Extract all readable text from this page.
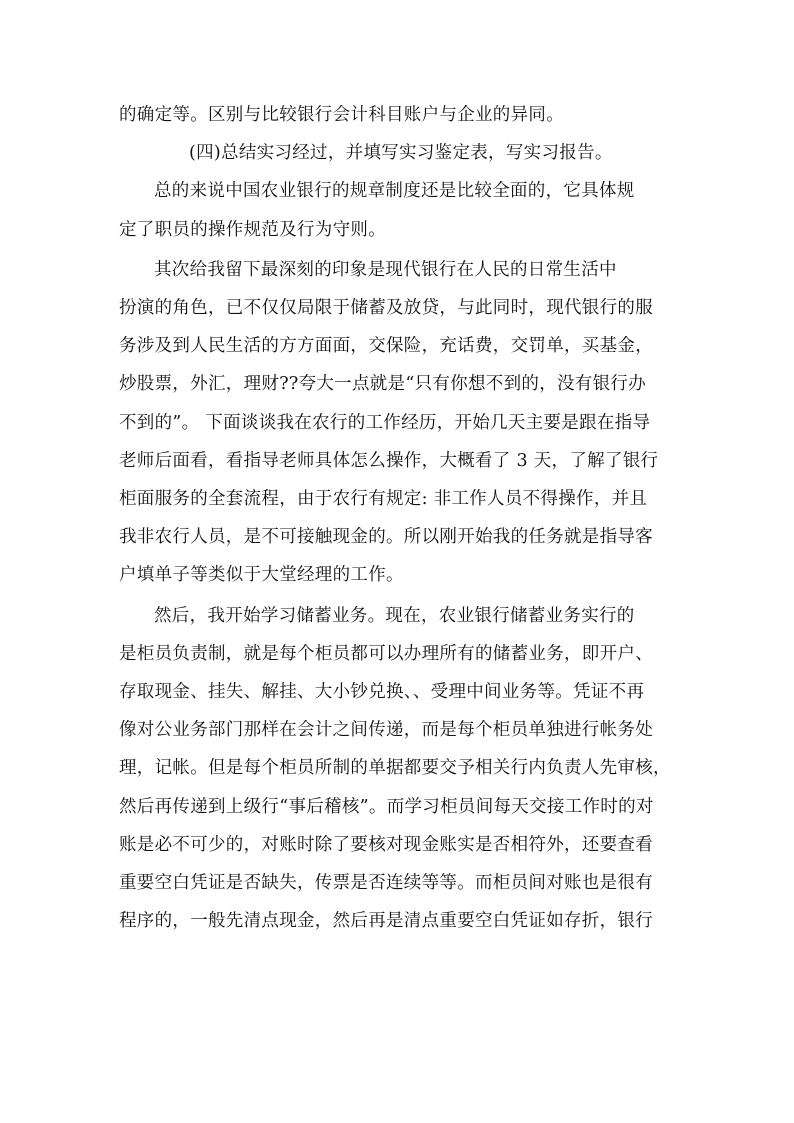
的确定等。区别与比较银行会计科目账户与企业的异同。

(四)总结实习经过，并填写实习鉴定表，写实习报告。

总的来说中国农业银行的规章制度还是比较全面的，它具体规
定了职员的操作规范及行为守则。

其次给我留下最深刻的印象是现代银行在人民的日常生活中
扮演的角色，已不仅仅局限于储蓄及放贷，与此同时，现代银行的服
务涉及到人民生活的方方面面，交保险，充话费，交罚单，买基金，
炒股票，外汇，理财??夸大一点就是“只有你想不到的，没有银行办
不到的”。 下面谈谈我在农行的工作经历，开始几天主要是跟在指导
老师后面看，看指导老师具体怎么操作，大概看了 3 天，了解了银行
柜面服务的全套流程，由于农行有规定: 非工作人员不得操作，并且
我非农行人员，是不可接触现金的。所以刚开始我的任务就是指导客
户填单子等类似于大堂经理的工作。

然后，我开始学习储蓄业务。现在，农业银行储蓄业务实行的
是柜员负责制，就是每个柜员都可以办理所有的储蓄业务，即开户、
存取现金、挂失、解挂、大小钞兑换、、受理中间业务等。凭证不再
像对公业务部门那样在会计之间传递，而是每个柜员单独进行帐务处
理，记帐。但是每个柜员所制的单据都要交予相关行内负责人先审核，
然后再传递到上级行“事后稽核”。而学习柜员间每天交接工作时的对
账是必不可少的，对账时除了要核对现金账实是否相符外，还要查看
重要空白凭证是否缺失，传票是否连续等等。而柜员间对账也是很有
程序的，一般先清点现金，然后再是清点重要空白凭证如存折，银行
